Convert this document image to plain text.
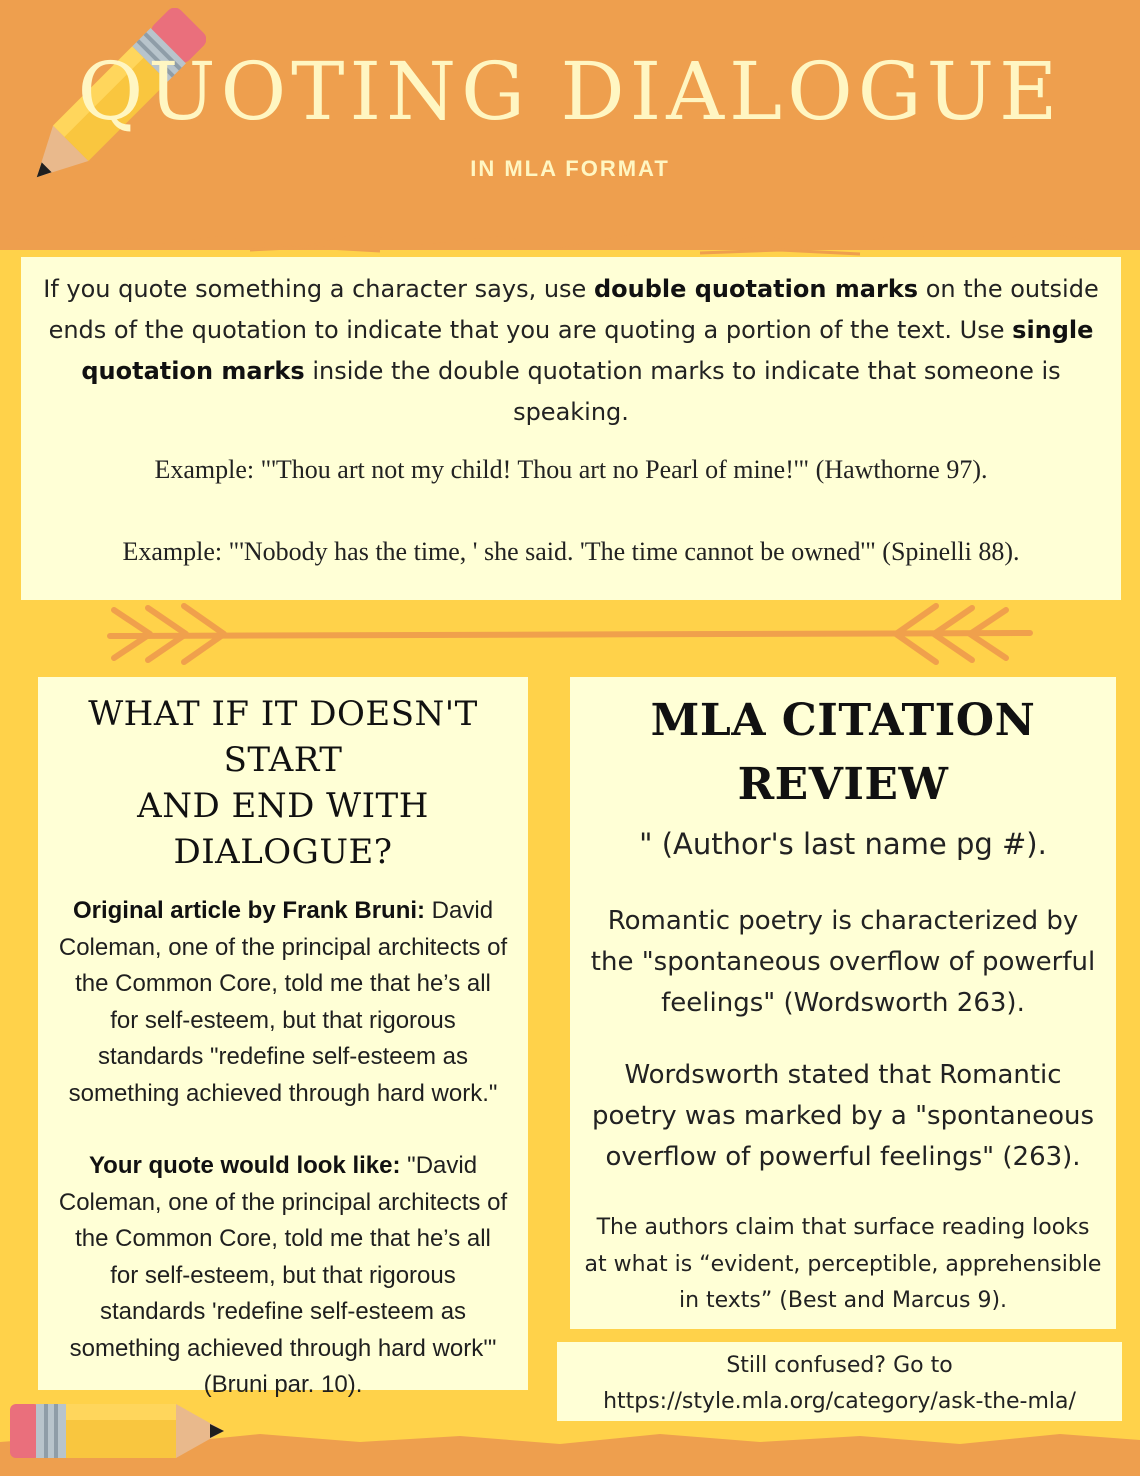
QUOTING DIALOGUE
IN MLA FORMAT

If you quote something a character says, use double quotation marks on the outside ends of the quotation to indicate that you are quoting a portion of the text. Use single quotation marks inside the double quotation marks to indicate that someone is speaking.

Example: "'Thou art not my child! Thou art no Pearl of mine!'" (Hawthorne 97).

Example: "'Nobody has the time, ' she said. 'The time cannot be owned'" (Spinelli 88).

WHAT IF IT DOESN'T START
AND END WITH DIALOGUE?

Original article by Frank Bruni: David Coleman, one of the principal architects of the Common Core, told me that he’s all for self-esteem, but that rigorous standards "redefine self-esteem as something achieved through hard work."

Your quote would look like: "David Coleman, one of the principal architects of the Common Core, told me that he’s all for self-esteem, but that rigorous standards 'redefine self-esteem as something achieved through hard work'" (Bruni par. 10).

MLA CITATION REVIEW

" (Author's last name pg #).

Romantic poetry is characterized by the "spontaneous overflow of powerful feelings" (Wordsworth 263).

Wordsworth stated that Romantic poetry was marked by a "spontaneous overflow of powerful feelings" (263).

The authors claim that surface reading looks at what is “evident, perceptible, apprehensible in texts” (Best and Marcus 9).

Still confused? Go to

https://style.mla.org/category/ask-the-mla/
